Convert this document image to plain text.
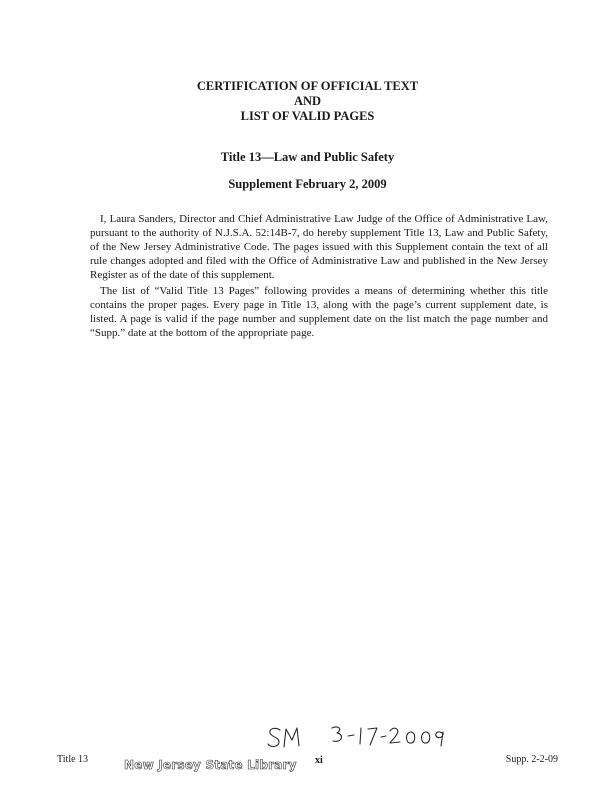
CERTIFICATION OF OFFICIAL TEXT
AND
LIST OF VALID PAGES
Title 13—Law and Public Safety
Supplement February 2, 2009

I, Laura Sanders, Director and Chief Administrative Law Judge of the Office of Administrative Law, pursuant to the authority of N.J.S.A. 52:14B-7, do hereby supplement Title 13, Law and Public Safety, of the New Jersey Administrative Code. The pages issued with this Supplement contain the text of all rule changes adopted and filed with the Office of Administrative Law and published in the New Jersey Register as of the date of this supplement.

The list of “Valid Title 13 Pages” following provides a means of determining whether this title contains the proper pages. Every page in Title 13, along with the page’s current supplement date, is listed. A page is valid if the page number and supplement date on the list match the page number and “Supp.” date at the bottom of the appropriate page.

Title 13	New Jersey State Library xi	Supp. 2-2-09
